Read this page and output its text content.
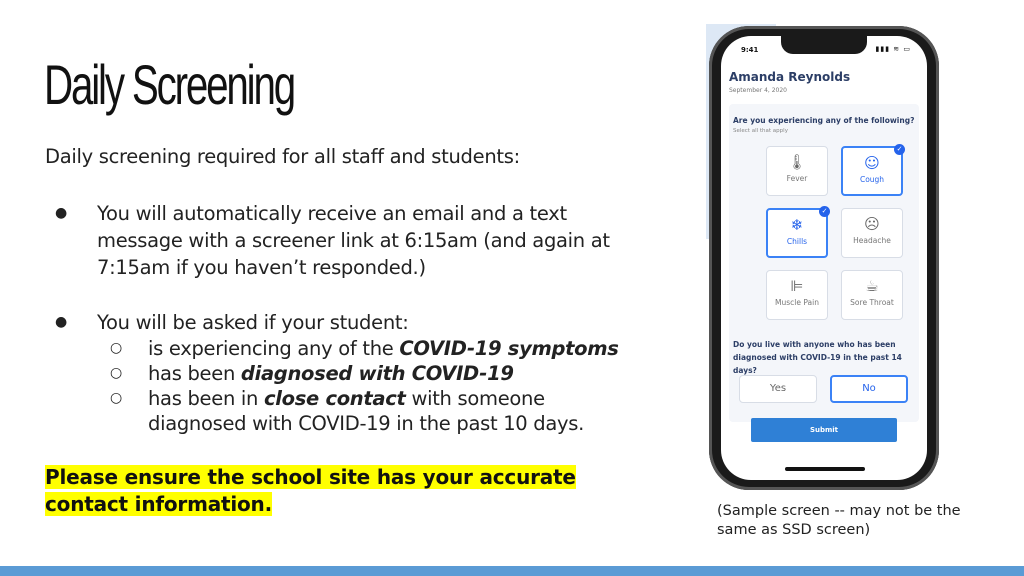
Daily Screening
Daily screening required for all staff and students:
● You will automatically receive an email and a text message with a screener link at 6:15am (and again at 7:15am if you haven’t responded.)
● You will be asked if your student:
○ is experiencing any of the COVID-19 symptoms
○ has been diagnosed with COVID-19
○ has been in close contact with someone diagnosed with COVID-19 in the past 10 days.
Please ensure the school site has your accurate contact information.
9:41	▮▮▮ ≋ ▭
Amanda Reynolds
September 4, 2020
Are you experiencing any of the following?
Select all that apply
🌡
Fever
✓
☺
Cough
✓
❄
Chills
☹
Headache
⊫
Muscle Pain
☕
Sore Throat
Do you live with anyone who has been diagnosed with COVID-19 in the past 14 days?
Yes	No
Submit
(Sample screen -- may not be the same as SSD screen)
